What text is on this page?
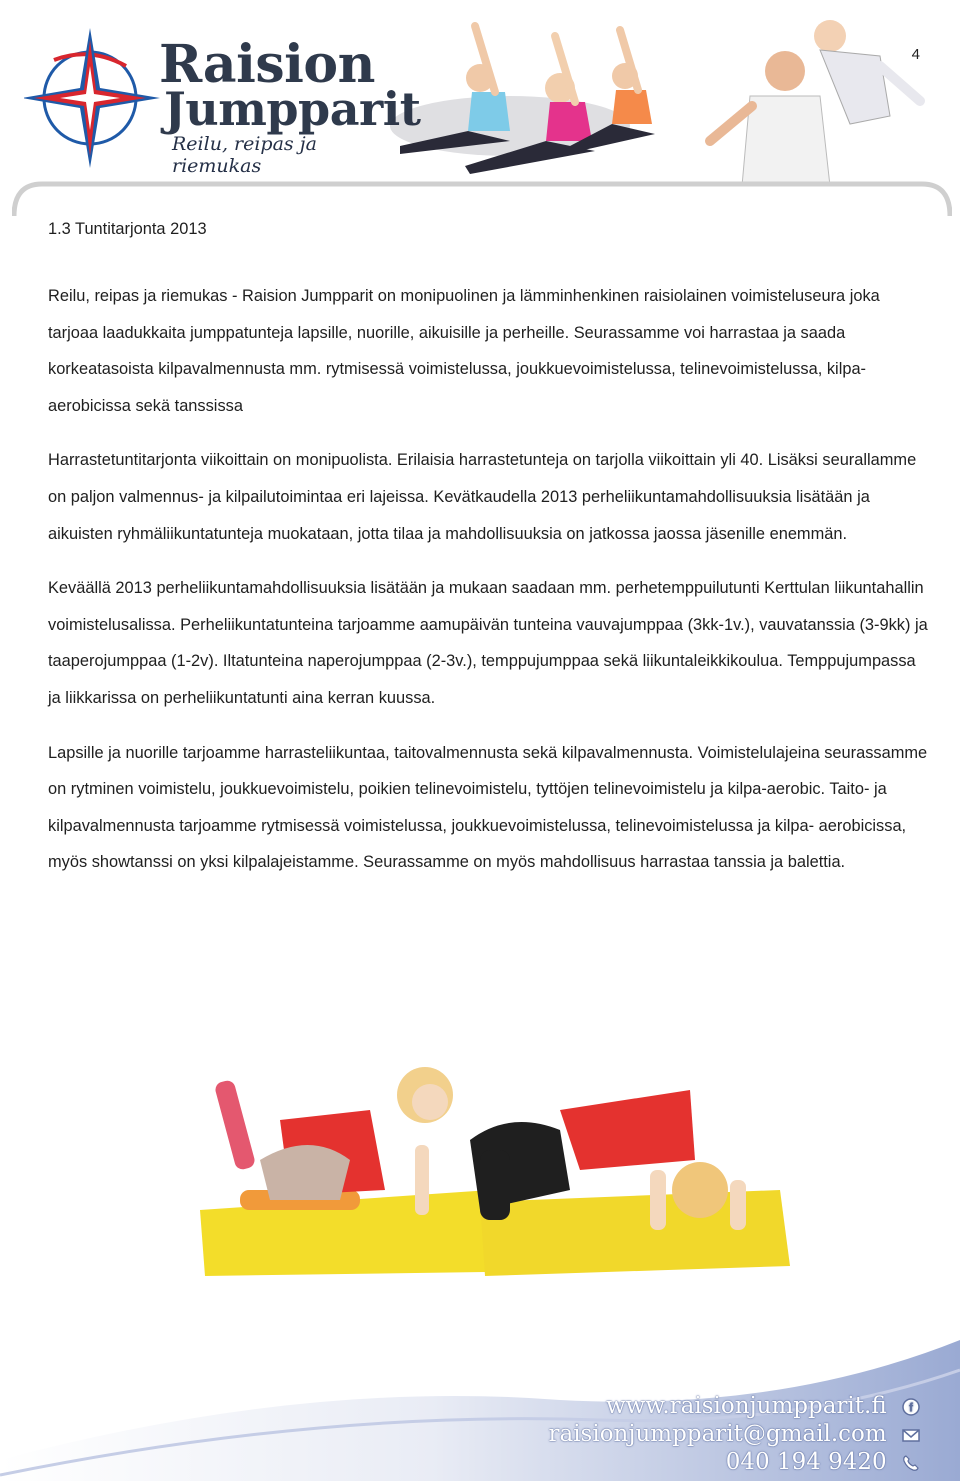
Raision
Jumpparit
Reilu, reipas ja riemukas
4
1.3 Tuntitarjonta 2013

Reilu, reipas ja riemukas - Raision Jumpparit on monipuolinen ja lämminhenkinen raisiolainen voimisteluseura joka tarjoaa laadukkaita jumppatunteja lapsille, nuorille, aikuisille ja perheille. Seurassamme voi harrastaa ja saada korkeatasoista kilpavalmennusta mm. rytmisessä voimistelussa, joukkuevoimistelussa, telinevoimistelussa, kilpa-aerobicissa sekä tanssissa

Harrastetuntitarjonta viikoittain on monipuolista. Erilaisia harrastetunteja on tarjolla viikoittain yli 40. Lisäksi seurallamme on paljon valmennus- ja kilpailutoimintaa eri lajeissa. Kevätkaudella 2013 perheliikuntamahdollisuuksia lisätään ja aikuisten ryhmäliikuntatunteja muokataan, jotta tilaa ja mahdollisuuksia on jatkossa jaossa jäsenille enemmän.

Keväällä 2013 perheliikuntamahdollisuuksia lisätään ja mukaan saadaan mm. perhetemppuilutunti Kerttulan liikuntahallin voimistelusalissa. Perheliikuntatunteina tarjoamme aamupäivän tunteina vauvajumppaa (3kk-1v.), vauvatanssia (3-9kk) ja taaperojumppaa (1-2v). Iltatunteina naperojumppaa (2-3v.), temppujumppaa sekä liikuntaleikkikoulua. Temppujumpassa ja liikkarissa on perheliikuntatunti aina kerran kuussa.

Lapsille ja nuorille tarjoamme harrasteliikuntaa, taitovalmennusta sekä kilpavalmennusta. Voimistelulajeina seurassamme on rytminen voimistelu, joukkuevoimistelu, poikien telinevoimistelu, tyttöjen telinevoimistelu ja kilpa-aerobic. Taito- ja kilpavalmennusta tarjoamme rytmisessä voimistelussa, joukkuevoimistelussa, telinevoimistelussa ja kilpa- aerobicissa, myös showtanssi on yksi kilpalajeistamme. Seurassamme on myös mahdollisuus harrastaa tanssia ja balettia.

www.raisionjumpparit.fi f
raisionjumpparit@gmail.com
040 194 9420
